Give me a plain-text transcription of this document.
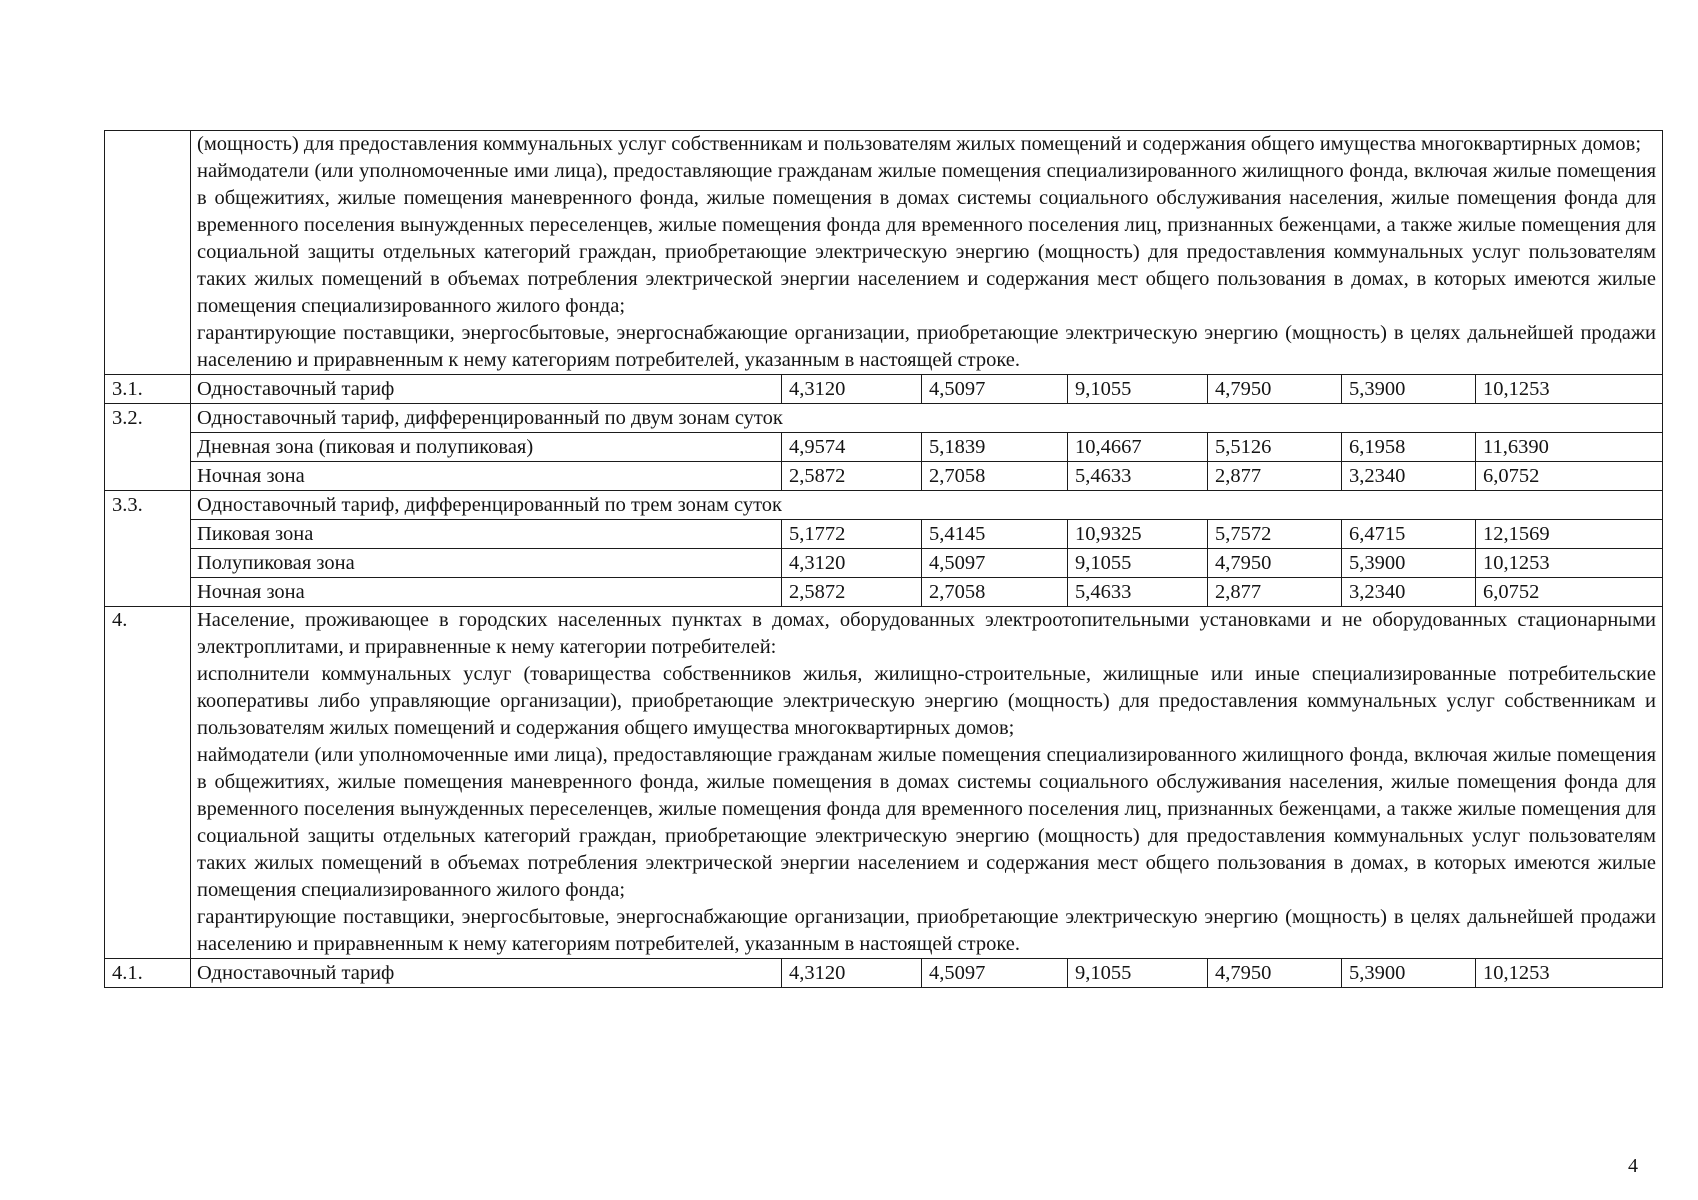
	(мощность) для предоставления коммунальных услуг собственникам и пользователям жилых помещений и содержания общего имущества многоквартирных домов;

наймодатели (или уполномоченные ими лица), предоставляющие гражданам жилые помещения специализированного жилищного фонда, включая жилые помещения в общежитиях, жилые помещения маневренного фонда, жилые помещения в домах системы социального обслуживания населения, жилые помещения фонда для временного поселения вынужденных переселенцев, жилые помещения фонда для временного поселения лиц, признанных беженцами, а также жилые помещения для социальной защиты отдельных категорий граждан, приобретающие электрическую энергию (мощность) для предоставления коммунальных услуг пользователям таких жилых помещений в объемах потребления электрической энергии населением и содержания мест общего пользования в домах, в которых имеются жилые помещения специализированного жилого фонда;

гарантирующие поставщики, энергосбытовые, энергоснабжающие организации, приобретающие электрическую энергию (мощность) в целях дальнейшей продажи населению и приравненным к нему категориям потребителей, указанным в настоящей строке.						

3.1.	Одноставочный тариф	4,3120	4,5097	9,1055	4,7950	5,3900	10,1253
3.2.	Одноставочный тариф, дифференцированный по двум зонам суток						
	Дневная зона (пиковая и полупиковая)	4,9574	5,1839	10,4667	5,5126	6,1958	11,6390
	Ночная зона	2,5872	2,7058	5,4633	2,877	3,2340	6,0752
3.3.	Одноставочный тариф, дифференцированный по трем зонам суток						
	Пиковая зона	5,1772	5,4145	10,9325	5,7572	6,4715	12,1569
	Полупиковая зона	4,3120	4,5097	9,1055	4,7950	5,3900	10,1253
	Ночная зона	2,5872	2,7058	5,4633	2,877	3,2340	6,0752
4.	Население, проживающее в городских населенных пунктах в домах, оборудованных электроотопительными установками и не оборудованных стационарными электроплитами, и приравненные к нему категории потребителей:

исполнители коммунальных услуг (товарищества собственников жилья, жилищно-строительные, жилищные или иные специализированные потребительские кооперативы либо управляющие организации), приобретающие электрическую энергию (мощность) для предоставления коммунальных услуг собственникам и пользователям жилых помещений и содержания общего имущества многоквартирных домов;

наймодатели (или уполномоченные ими лица), предоставляющие гражданам жилые помещения специализированного жилищного фонда, включая жилые помещения в общежитиях, жилые помещения маневренного фонда, жилые помещения в домах системы социального обслуживания населения, жилые помещения фонда для временного поселения вынужденных переселенцев, жилые помещения фонда для временного поселения лиц, признанных беженцами, а также жилые помещения для социальной защиты отдельных категорий граждан, приобретающие электрическую энергию (мощность) для предоставления коммунальных услуг пользователям таких жилых помещений в объемах потребления электрической энергии населением и содержания мест общего пользования в домах, в которых имеются жилые помещения специализированного жилого фонда;

гарантирующие поставщики, энергосбытовые, энергоснабжающие организации, приобретающие электрическую энергию (мощность) в целях дальнейшей продажи населению и приравненным к нему категориям потребителей, указанным в настоящей строке.						

4.1.	Одноставочный тариф	4,3120	4,5097	9,1055	4,7950	5,3900	10,1253
4
